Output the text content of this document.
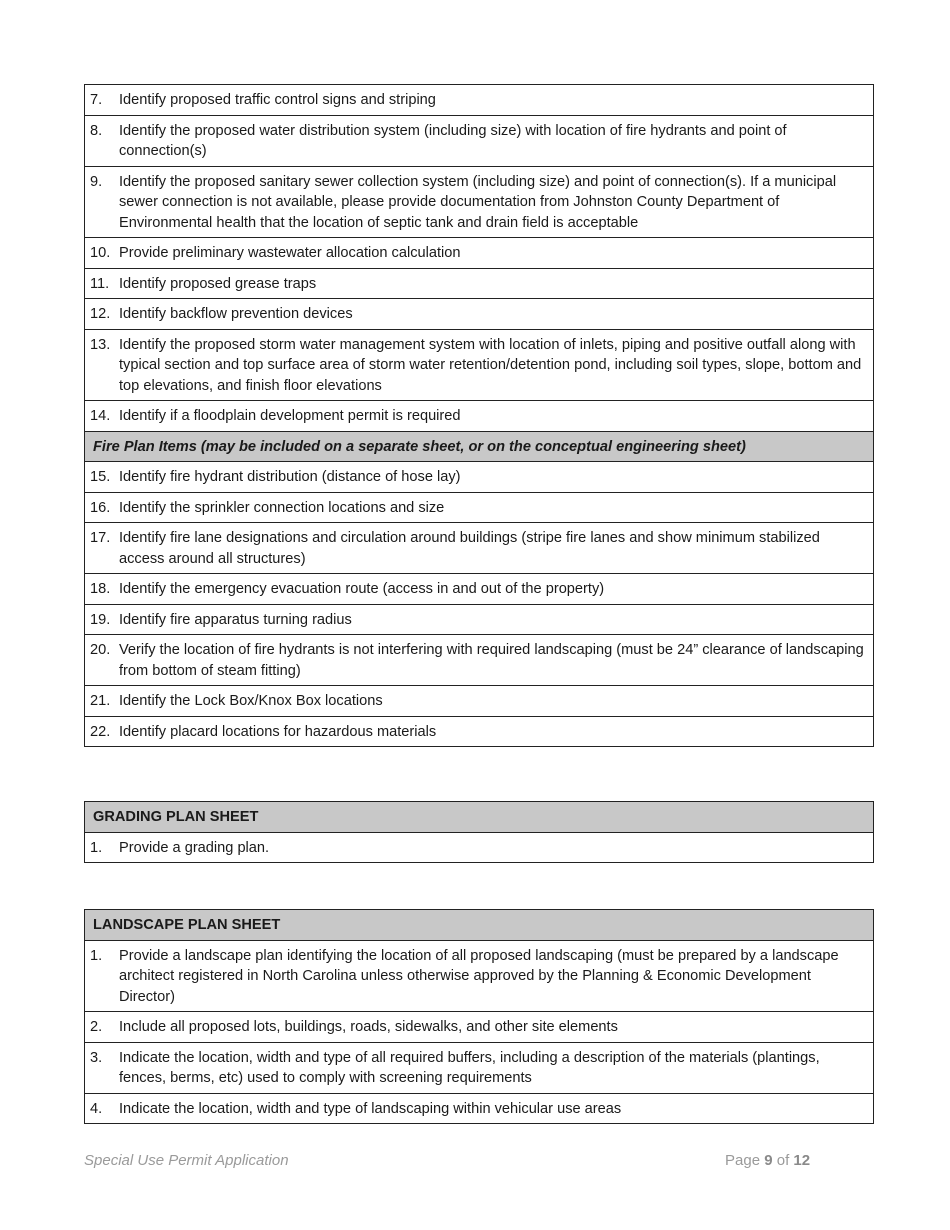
7.	Identify proposed traffic control signs and striping

8.	Identify the proposed water distribution system (including size) with location of fire hydrants and point of connection(s)

9.	Identify the proposed sanitary sewer collection system (including size) and point of connection(s). If a municipal sewer connection is not available, please provide documentation from Johnston County Department of Environmental health that the location of septic tank and drain field is acceptable

10. Provide preliminary wastewater allocation calculation

11. Identify proposed grease traps

12. Identify backflow prevention devices

13. Identify the proposed storm water management system with location of inlets, piping and positive outfall along with typical section and top surface area of storm water retention/detention pond, including soil types, slope, bottom and top elevations, and finish floor elevations

14. Identify if a floodplain development permit is required

Fire Plan Items (may be included on a separate sheet, or on the conceptual engineering sheet)

15. Identify fire hydrant distribution (distance of hose lay)

16. Identify the sprinkler connection locations and size

17. Identify fire lane designations and circulation around buildings (stripe fire lanes and show minimum stabilized access around all structures)

18. Identify the emergency evacuation route (access in and out of the property)

19. Identify fire apparatus turning radius

20. Verify the location of fire hydrants is not interfering with required landscaping (must be 24” clearance of landscaping from bottom of steam fitting)

21. Identify the Lock Box/Knox Box locations

22. Identify placard locations for hazardous materials
GRADING PLAN SHEET

1.	Provide a grading plan.
LANDSCAPE PLAN SHEET

1.	Provide a landscape plan identifying the location of all proposed landscaping (must be prepared by a landscape architect registered in North Carolina unless otherwise approved by the Planning & Economic Development Director)

2.	Include all proposed lots, buildings, roads, sidewalks, and other site elements

3.	Indicate the location, width and type of all required buffers, including a description of the materials (plantings, fences, berms, etc) used to comply with screening requirements

4.	Indicate the location, width and type of landscaping within vehicular use areas
Special Use Permit Application	Page 9 of 12
